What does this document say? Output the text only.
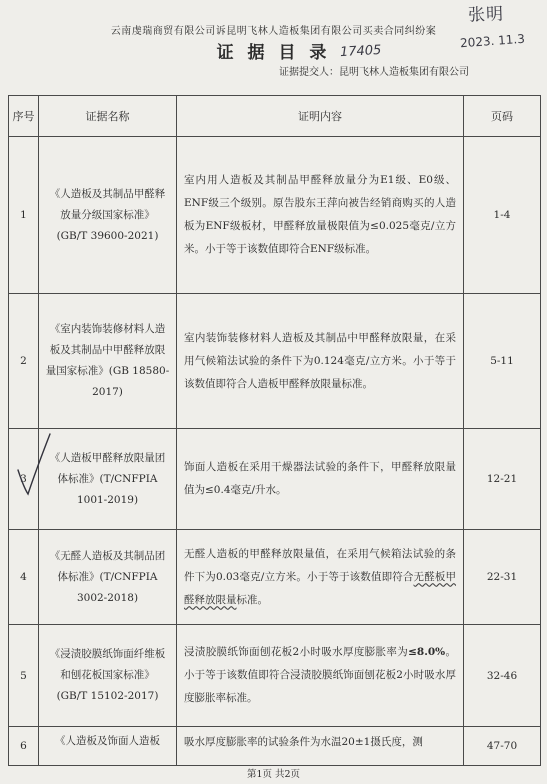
云南虔瑞商贸有限公司诉昆明飞林人造板集团有限公司买卖合同纠纷案
证 据 目 录 17405
证据提交人：昆明飞林人造板集团有限公司
张明
2023. 11.3
序号	证据名称	证明内容	页码
1	《人造板及其制品甲醛释放量分级国家标准》(GB/T 39600-2021)	室内用人造板及其制品甲醛释放量分为E1级、E0级、ENF级三个级别。原告股东王萍向被告经销商购买的人造板为ENF级板材，甲醛释放量极限值为≤0.025毫克/立方米。小于等于该数值即符合ENF级标准。	1-4
2	《室内装饰装修材料人造板及其制品中甲醛释放限量国家标准》(GB 18580-2017)	室内装饰装修材料人造板及其制品中甲醛释放限量，在采用气候箱法试验的条件下为0.124毫克/立方米。小于等于该数值即符合人造板甲醛释放限量标准。	5-11
3	《人造板甲醛释放限量团体标准》(T/CNFPIA 1001-2019)	饰面人造板在采用干燥器法试验的条件下，甲醛释放限量值为≤0.4毫克/升水。	12-21
4	《无醛人造板及其制品团体标准》(T/CNFPIA 3002-2018)	无醛人造板的甲醛释放限量值，在采用气候箱法试验的条件下为0.03毫克/立方米。小于等于该数值即符合无醛板甲醛释放限量标准。	22-31
5	《浸渍胶膜纸饰面纤维板和刨花板国家标准》(GB/T 15102-2017)	浸渍胶膜纸饰面刨花板2小时吸水厚度膨胀率为≤8.0%。小于等于该数值即符合浸渍胶膜纸饰面刨花板2小时吸水厚度膨胀率标准。	32-46
6	《人造板及饰面人造板	吸水厚度膨胀率的试验条件为水温20±1摄氏度，测	47-70
第1页 共2页
